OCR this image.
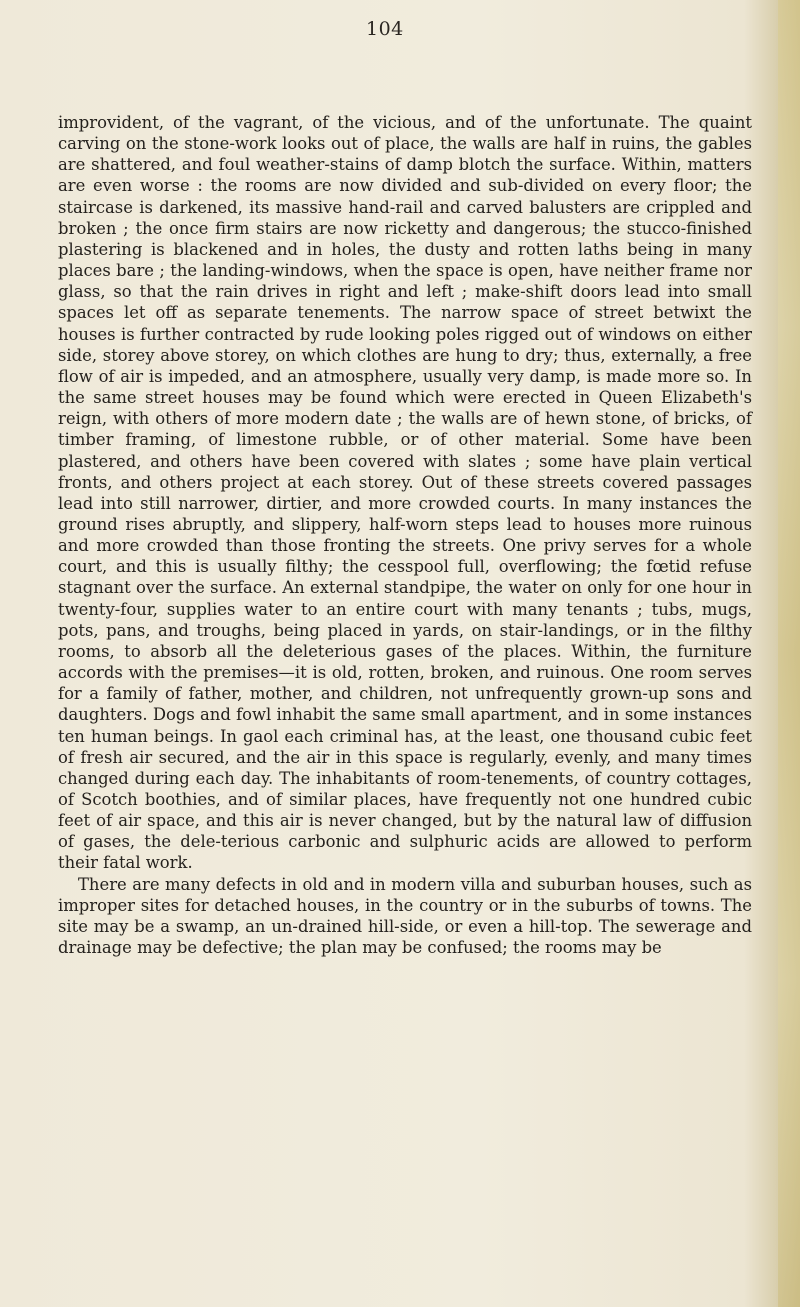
104

improvident, of the vagrant, of the vicious, and of the unfortunate. The quaint carving on the stone-work looks out of place, the walls are half in ruins, the gables are shattered, and foul weather-stains of damp blotch the surface. Within, matters are even worse : the rooms are now divided and sub-divided on every floor; the staircase is darkened, its massive hand-rail and carved balusters are crippled and broken ; the once firm stairs are now ricketty and dangerous; the stucco-finished plastering is blackened and in holes, the dusty and rotten laths being in many places bare ; the landing-windows, when the space is open, have neither frame nor glass, so that the rain drives in right and left ; make-shift doors lead into small spaces let off as separate tenements. The narrow space of street betwixt the houses is further contracted by rude looking poles rigged out of windows on either side, storey above storey, on which clothes are hung to dry; thus, externally, a free flow of air is impeded, and an atmosphere, usually very damp, is made more so. In the same street houses may be found which were erected in Queen Elizabeth's reign, with others of more modern date ; the walls are of hewn stone, of bricks, of timber framing, of limestone rubble, or of other material. Some have been plastered, and others have been covered with slates ; some have plain vertical fronts, and others project at each storey. Out of these streets covered passages lead into still narrower, dirtier, and more crowded courts. In many instances the ground rises abruptly, and slippery, half-worn steps lead to houses more ruinous and more crowded than those fronting the streets. One privy serves for a whole court, and this is usually filthy; the cesspool full, overflowing; the fœtid refuse stagnant over the surface. An external standpipe, the water on only for one hour in twenty-four, supplies water to an entire court with many tenants ; tubs, mugs, pots, pans, and troughs, being placed in yards, on stair-landings, or in the filthy rooms, to absorb all the deleterious gases of the places. Within, the furniture accords with the premises—it is old, rotten, broken, and ruinous. One room serves for a family of father, mother, and children, not unfrequently grown-up sons and daughters. Dogs and fowl inhabit the same small apartment, and in some instances ten human beings. In gaol each criminal has, at the least, one thousand cubic feet of fresh air secured, and the air in this space is regularly, evenly, and many times changed during each day. The inhabitants of room-tenements, of country cottages, of Scotch boothies, and of similar places, have frequently not one hundred cubic feet of air space, and this air is never changed, but by the natural law of diffusion of gases, the dele-terious carbonic and sulphuric acids are allowed to perform their fatal work.

There are many defects in old and in modern villa and suburban houses, such as improper sites for detached houses, in the country or in the suburbs of towns. The site may be a swamp, an un-drained hill-side, or even a hill-top. The sewerage and drainage may be defective; the plan may be confused; the rooms may be
